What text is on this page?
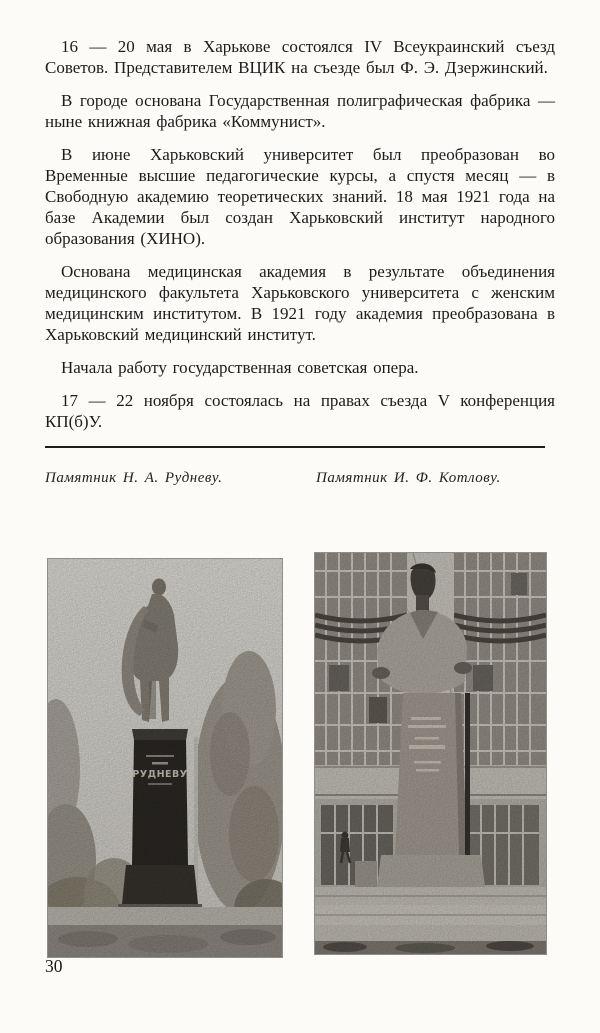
16 — 20 мая в Харькове состоялся IV Всеукраинский съезд Советов. Представителем ВЦИК на съезде был Ф. Э. Дзержинский.

В городе основана Государственная полиграфическая фабрика — ныне книжная фабрика «Коммунист».

В июне Харьковский университет был преобразован во Временные высшие педагогические курсы, а спустя месяц — в Свободную академию теоретических знаний. 18 мая 1921 года на базе Академии был создан Харьковский институт народного образования (ХИНО).

Основана медицинская академия в результате объединения медицинского факультета Харьковского университета с женским медицинским институтом. В 1921 году академия преобразована в Харьковский медицинский институт.

Начала работу государственная советская опера.

17 — 22 ноября состоялась на правах съезда V конференция КП(б)У.

Памятник Н. А. Рудневу.	Памятник И. Ф. Котлову.
РУДНЕВУ
30
